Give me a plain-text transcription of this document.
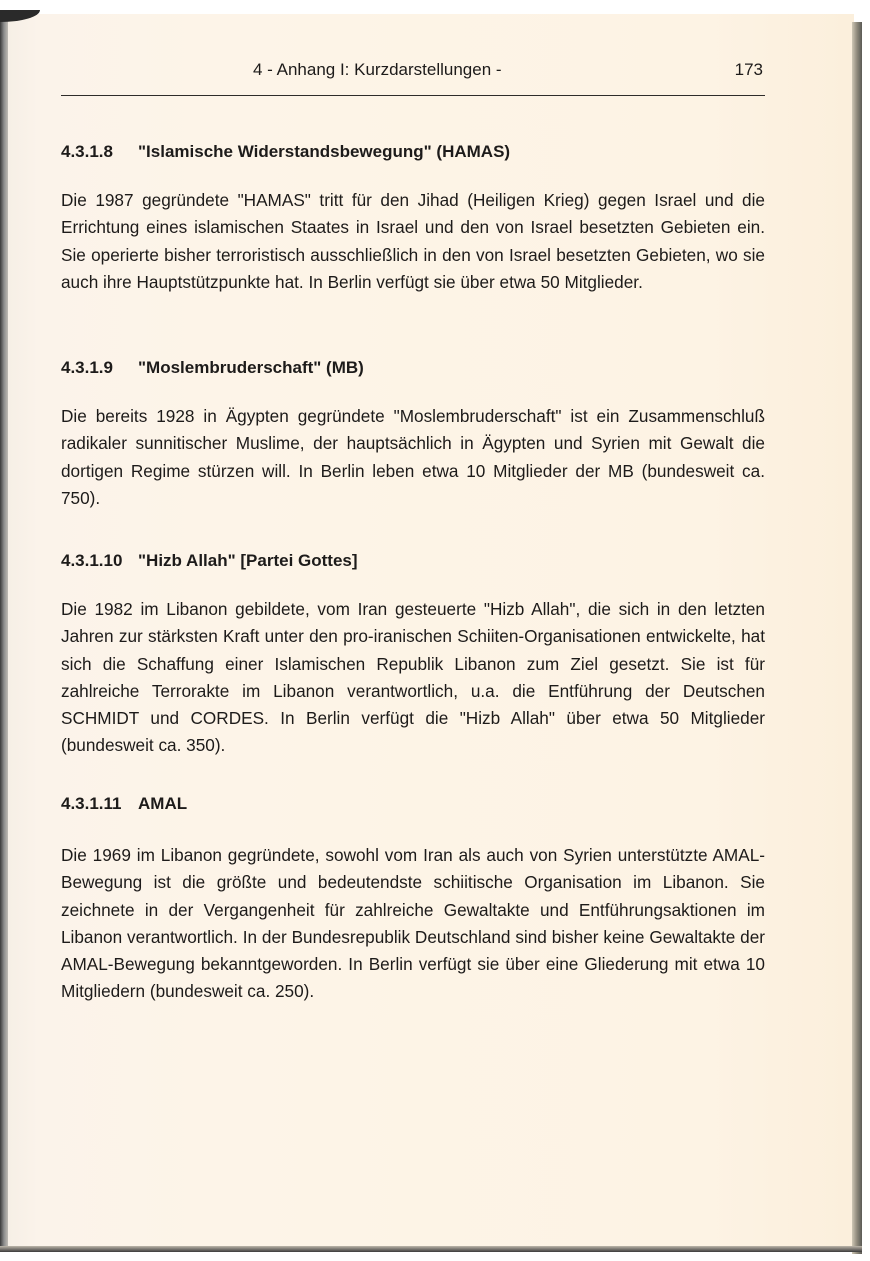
4 - Anhang I: Kurzdarstellungen -	173
4.3.1.8 "Islamische Widerstandsbewegung" (HAMAS)
Die 1987 gegründete "HAMAS" tritt für den Jihad (Heiligen Krieg) gegen Israel und die Errichtung eines islamischen Staates in Israel und den von Israel besetzten Gebieten ein. Sie operierte bisher terroristisch ausschließlich in den von Israel besetzten Gebieten, wo sie auch ihre Hauptstützpunkte hat. In Berlin verfügt sie über etwa 50 Mitglieder.
4.3.1.9 "Moslembruderschaft" (MB)
Die bereits 1928 in Ägypten gegründete "Moslembruderschaft" ist ein Zusammenschluß radikaler sunnitischer Muslime, der hauptsächlich in Ägypten und Syrien mit Gewalt die dortigen Regime stürzen will. In Berlin leben etwa 10 Mitglieder der MB (bundesweit ca. 750).
4.3.1.10 "Hizb Allah" [Partei Gottes]
Die 1982 im Libanon gebildete, vom Iran gesteuerte "Hizb Allah", die sich in den letzten Jahren zur stärksten Kraft unter den pro-iranischen Schiiten-Organisationen entwickelte, hat sich die Schaffung einer Islamischen Republik Libanon zum Ziel gesetzt. Sie ist für zahlreiche Terrorakte im Libanon verantwortlich, u.a. die Entführung der Deutschen SCHMIDT und CORDES. In Berlin verfügt die "Hizb Allah" über etwa 50 Mitglieder (bundesweit ca. 350).
4.3.1.11 AMAL
Die 1969 im Libanon gegründete, sowohl vom Iran als auch von Syrien unterstützte AMAL-Bewegung ist die größte und bedeutendste schiitische Organisation im Libanon. Sie zeichnete in der Vergangenheit für zahlreiche Gewaltakte und Entführungsaktionen im Libanon verantwortlich. In der Bundesrepublik Deutschland sind bisher keine Gewaltakte der AMAL-Bewegung bekanntgeworden. In Berlin verfügt sie über eine Gliederung mit etwa 10 Mitgliedern (bundesweit ca. 250).
